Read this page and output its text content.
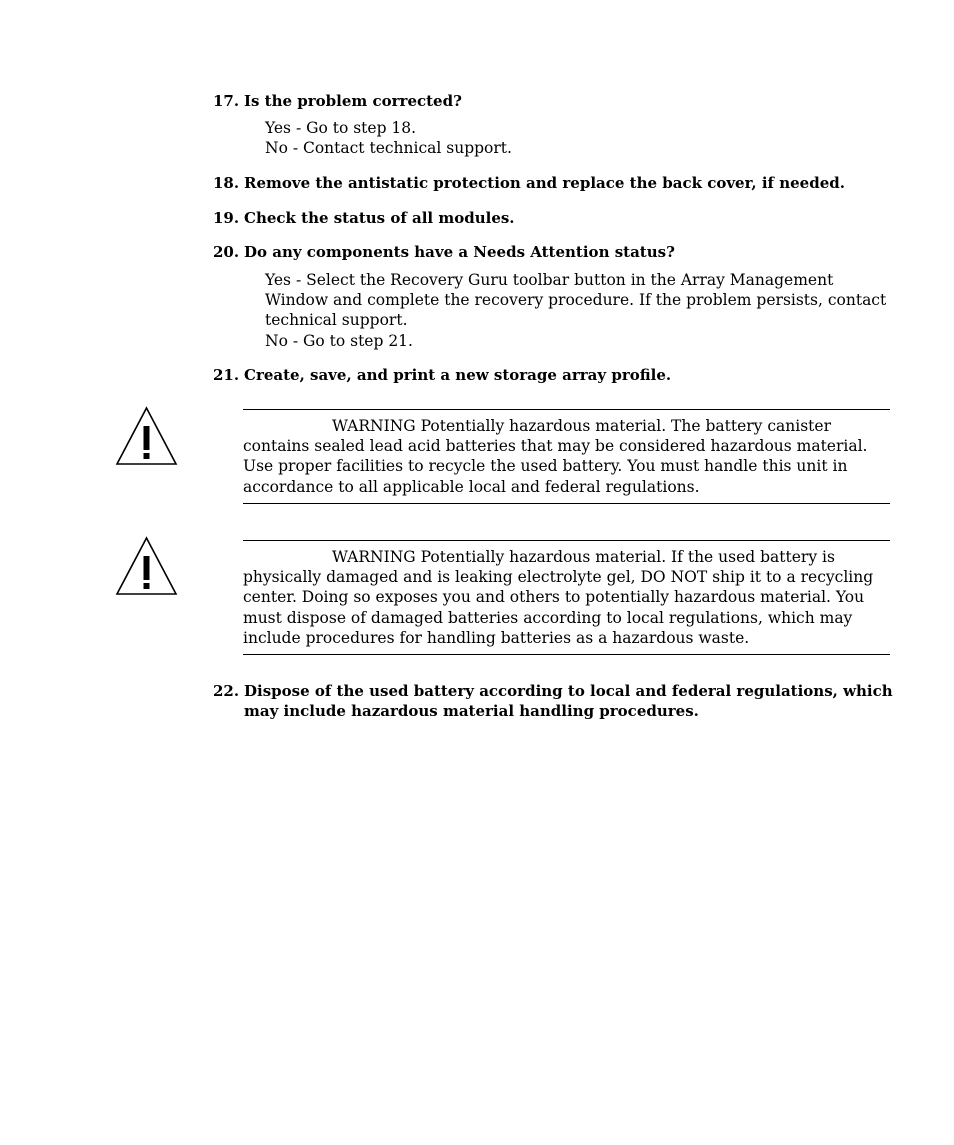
17. Is the problem corrected?
Yes - Go to step 18.
No - Contact technical support.
18. Remove the antistatic protection and replace the back cover, if needed.
19. Check the status of all modules.
20. Do any components have a Needs Attention status?
Yes - Select the Recovery Guru toolbar button in the Array Management Window and complete the recovery procedure. If the problem persists, contact technical support.
No - Go to step 21.
21. Create, save, and print a new storage array profile.
WARNING Potentially hazardous material. The battery canister contains sealed lead acid batteries that may be considered hazardous material. Use proper facilities to recycle the used battery. You must handle this unit in accordance to all applicable local and federal regulations.
WARNING Potentially hazardous material. If the used battery is physically damaged and is leaking electrolyte gel, DO NOT ship it to a recycling center. Doing so exposes you and others to potentially hazardous material. You must dispose of damaged batteries according to local regulations, which may include procedures for handling batteries as a hazardous waste.
22. Dispose of the used battery according to local and federal regulations, which may include hazardous material handling procedures.
